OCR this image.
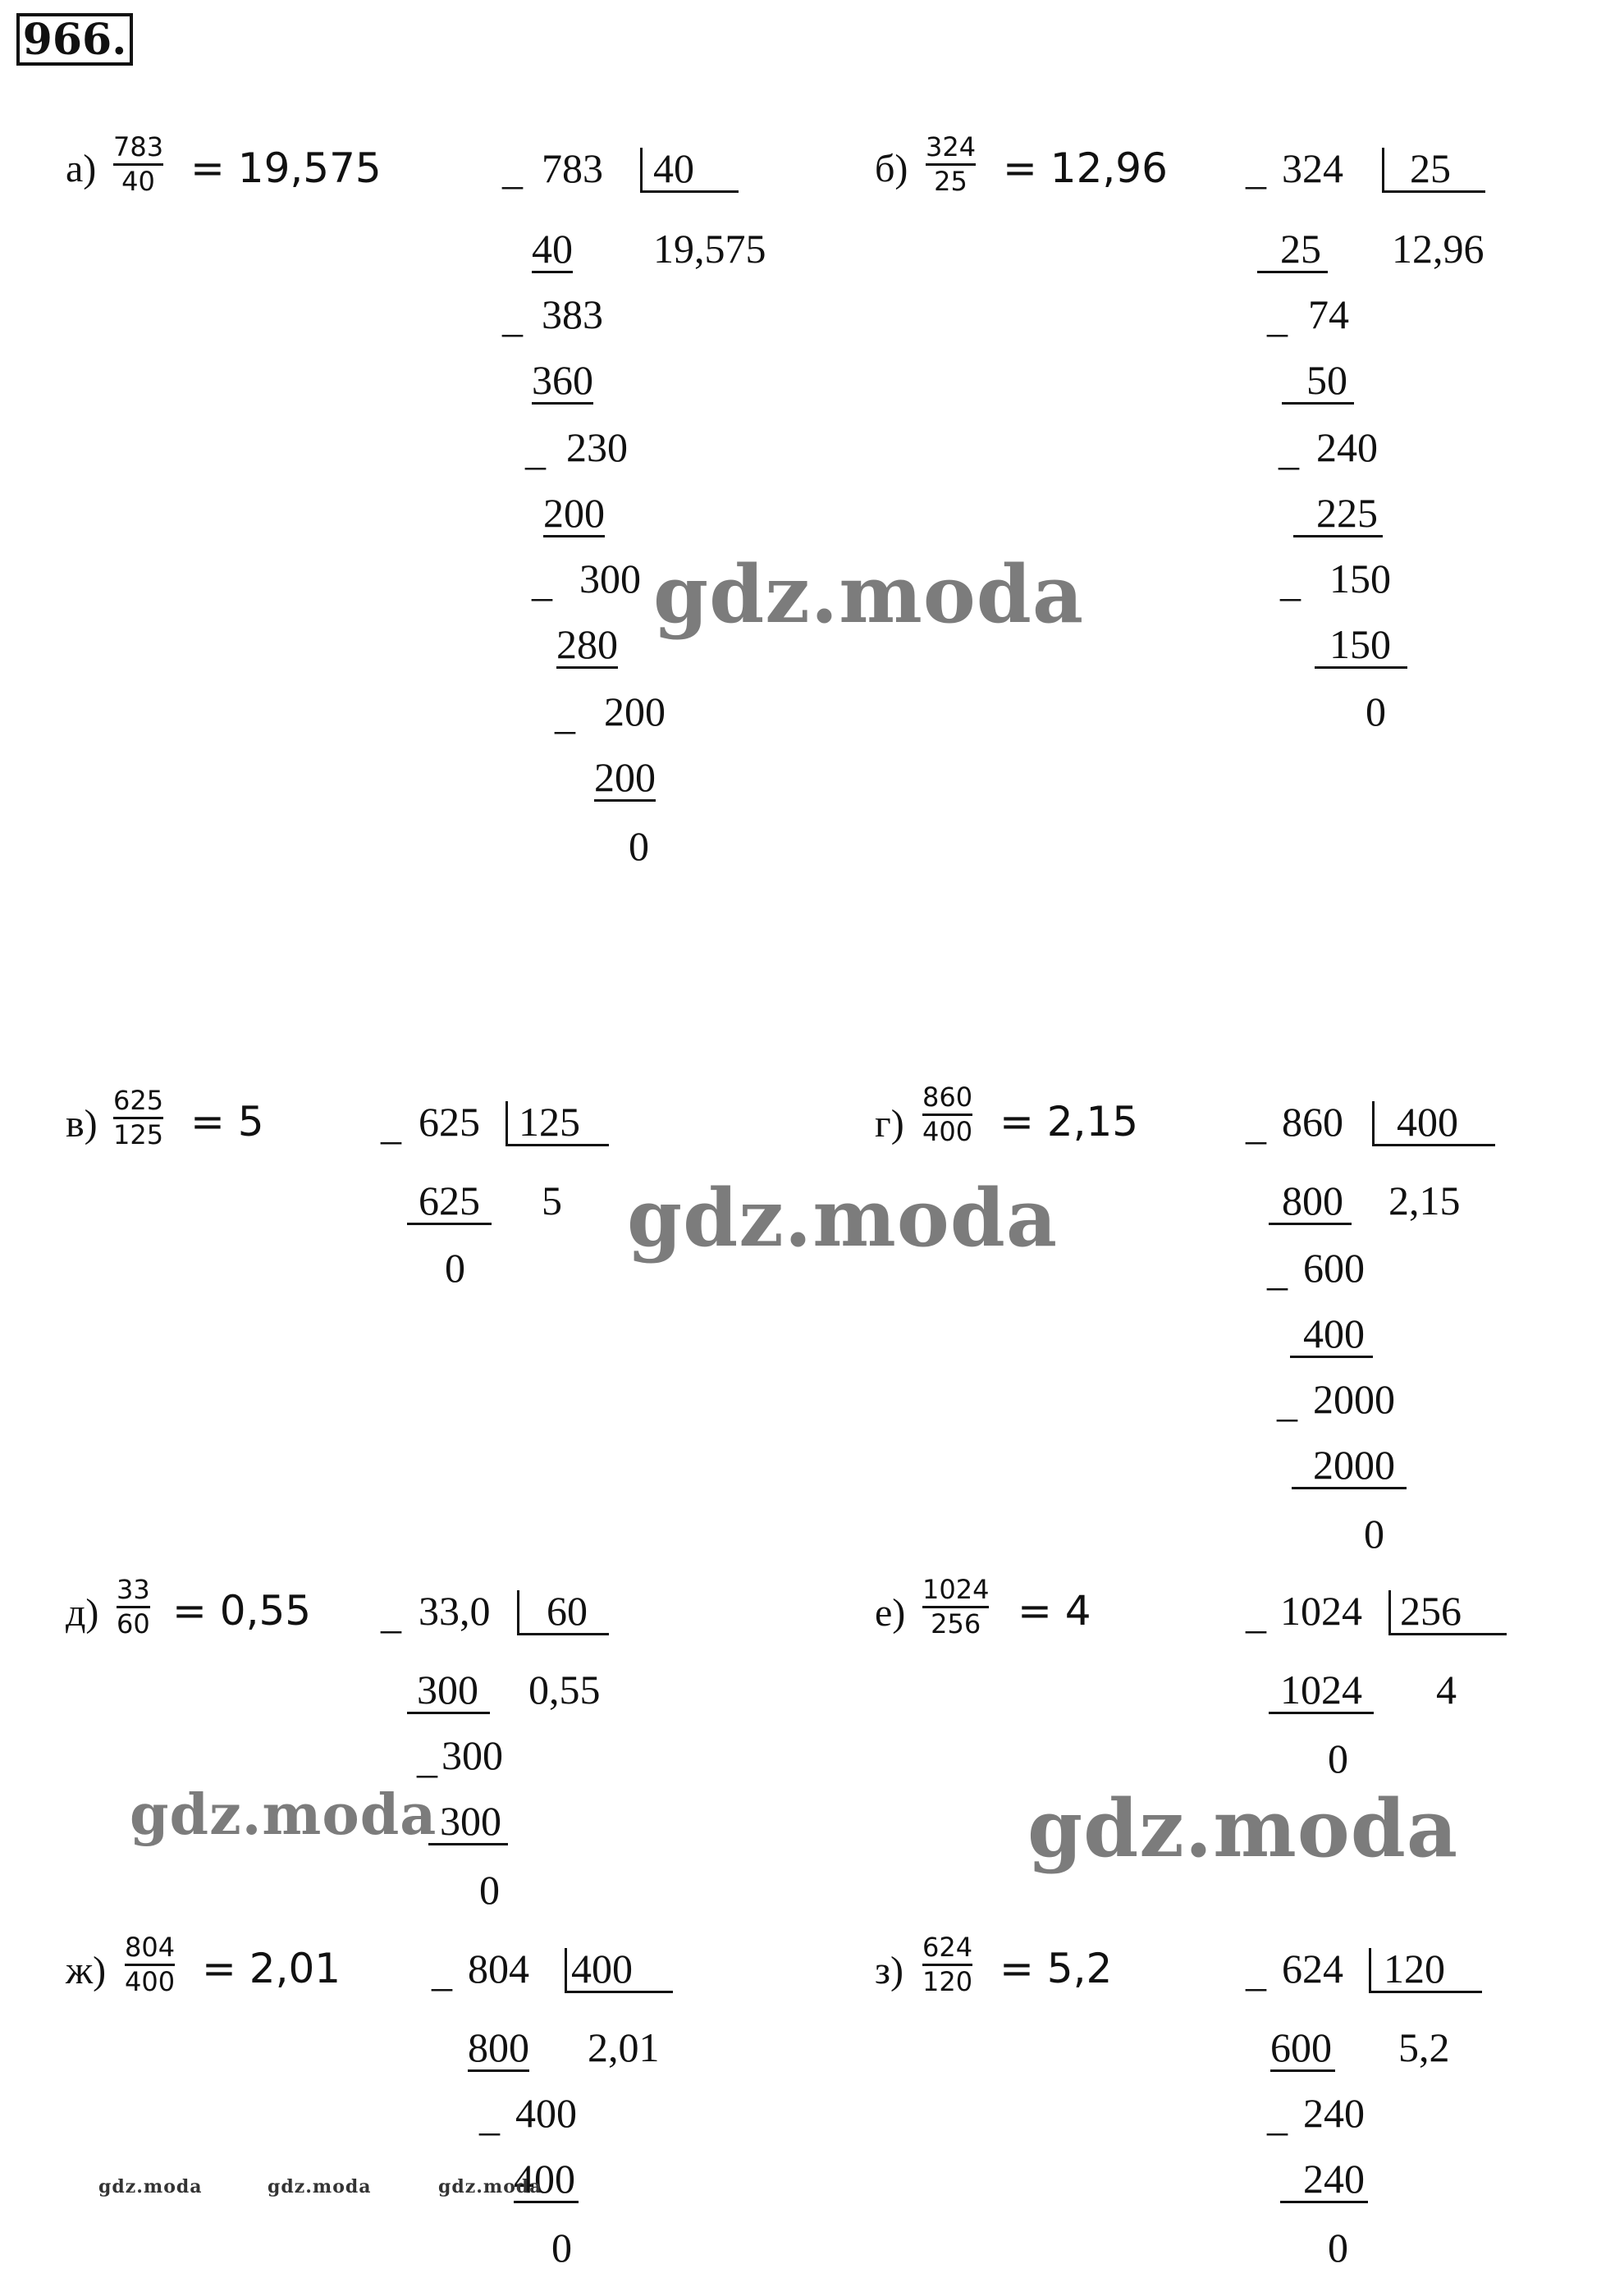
966.
а) 783
40 = 19,575	_ 783 40
19,575
40
_ 383
360
_ 230
200
_ 300
280
_ 200
200
0
б) 324
25 = 12,96 _ 324 25
12,96
25
_ 74
50
_ 240
225
_ 150
150
0
в)
625
125 = 5	_ 625 125
5
625
0
г)
860
400 = 2,15	_ 860 400
2,15
800
_ 600
400
_ 2000
2000
0
д)
33
60 = 0,55 _ 33,0 60
0,55
300
_ 300
300
0
е)
1024
256 = 4	_ 1024 256
4
1024
0
ж)
804
400 = 2,01 _ 804 400
2,01
800
_ 400
400
0
з)
624
120 = 5,2	_ 624 120
5,2
600
_ 240
240
0
gdz.moda
gdz.moda
gdz.moda	gdz.moda
gdz.moda	gdz.moda	gdz.moda
